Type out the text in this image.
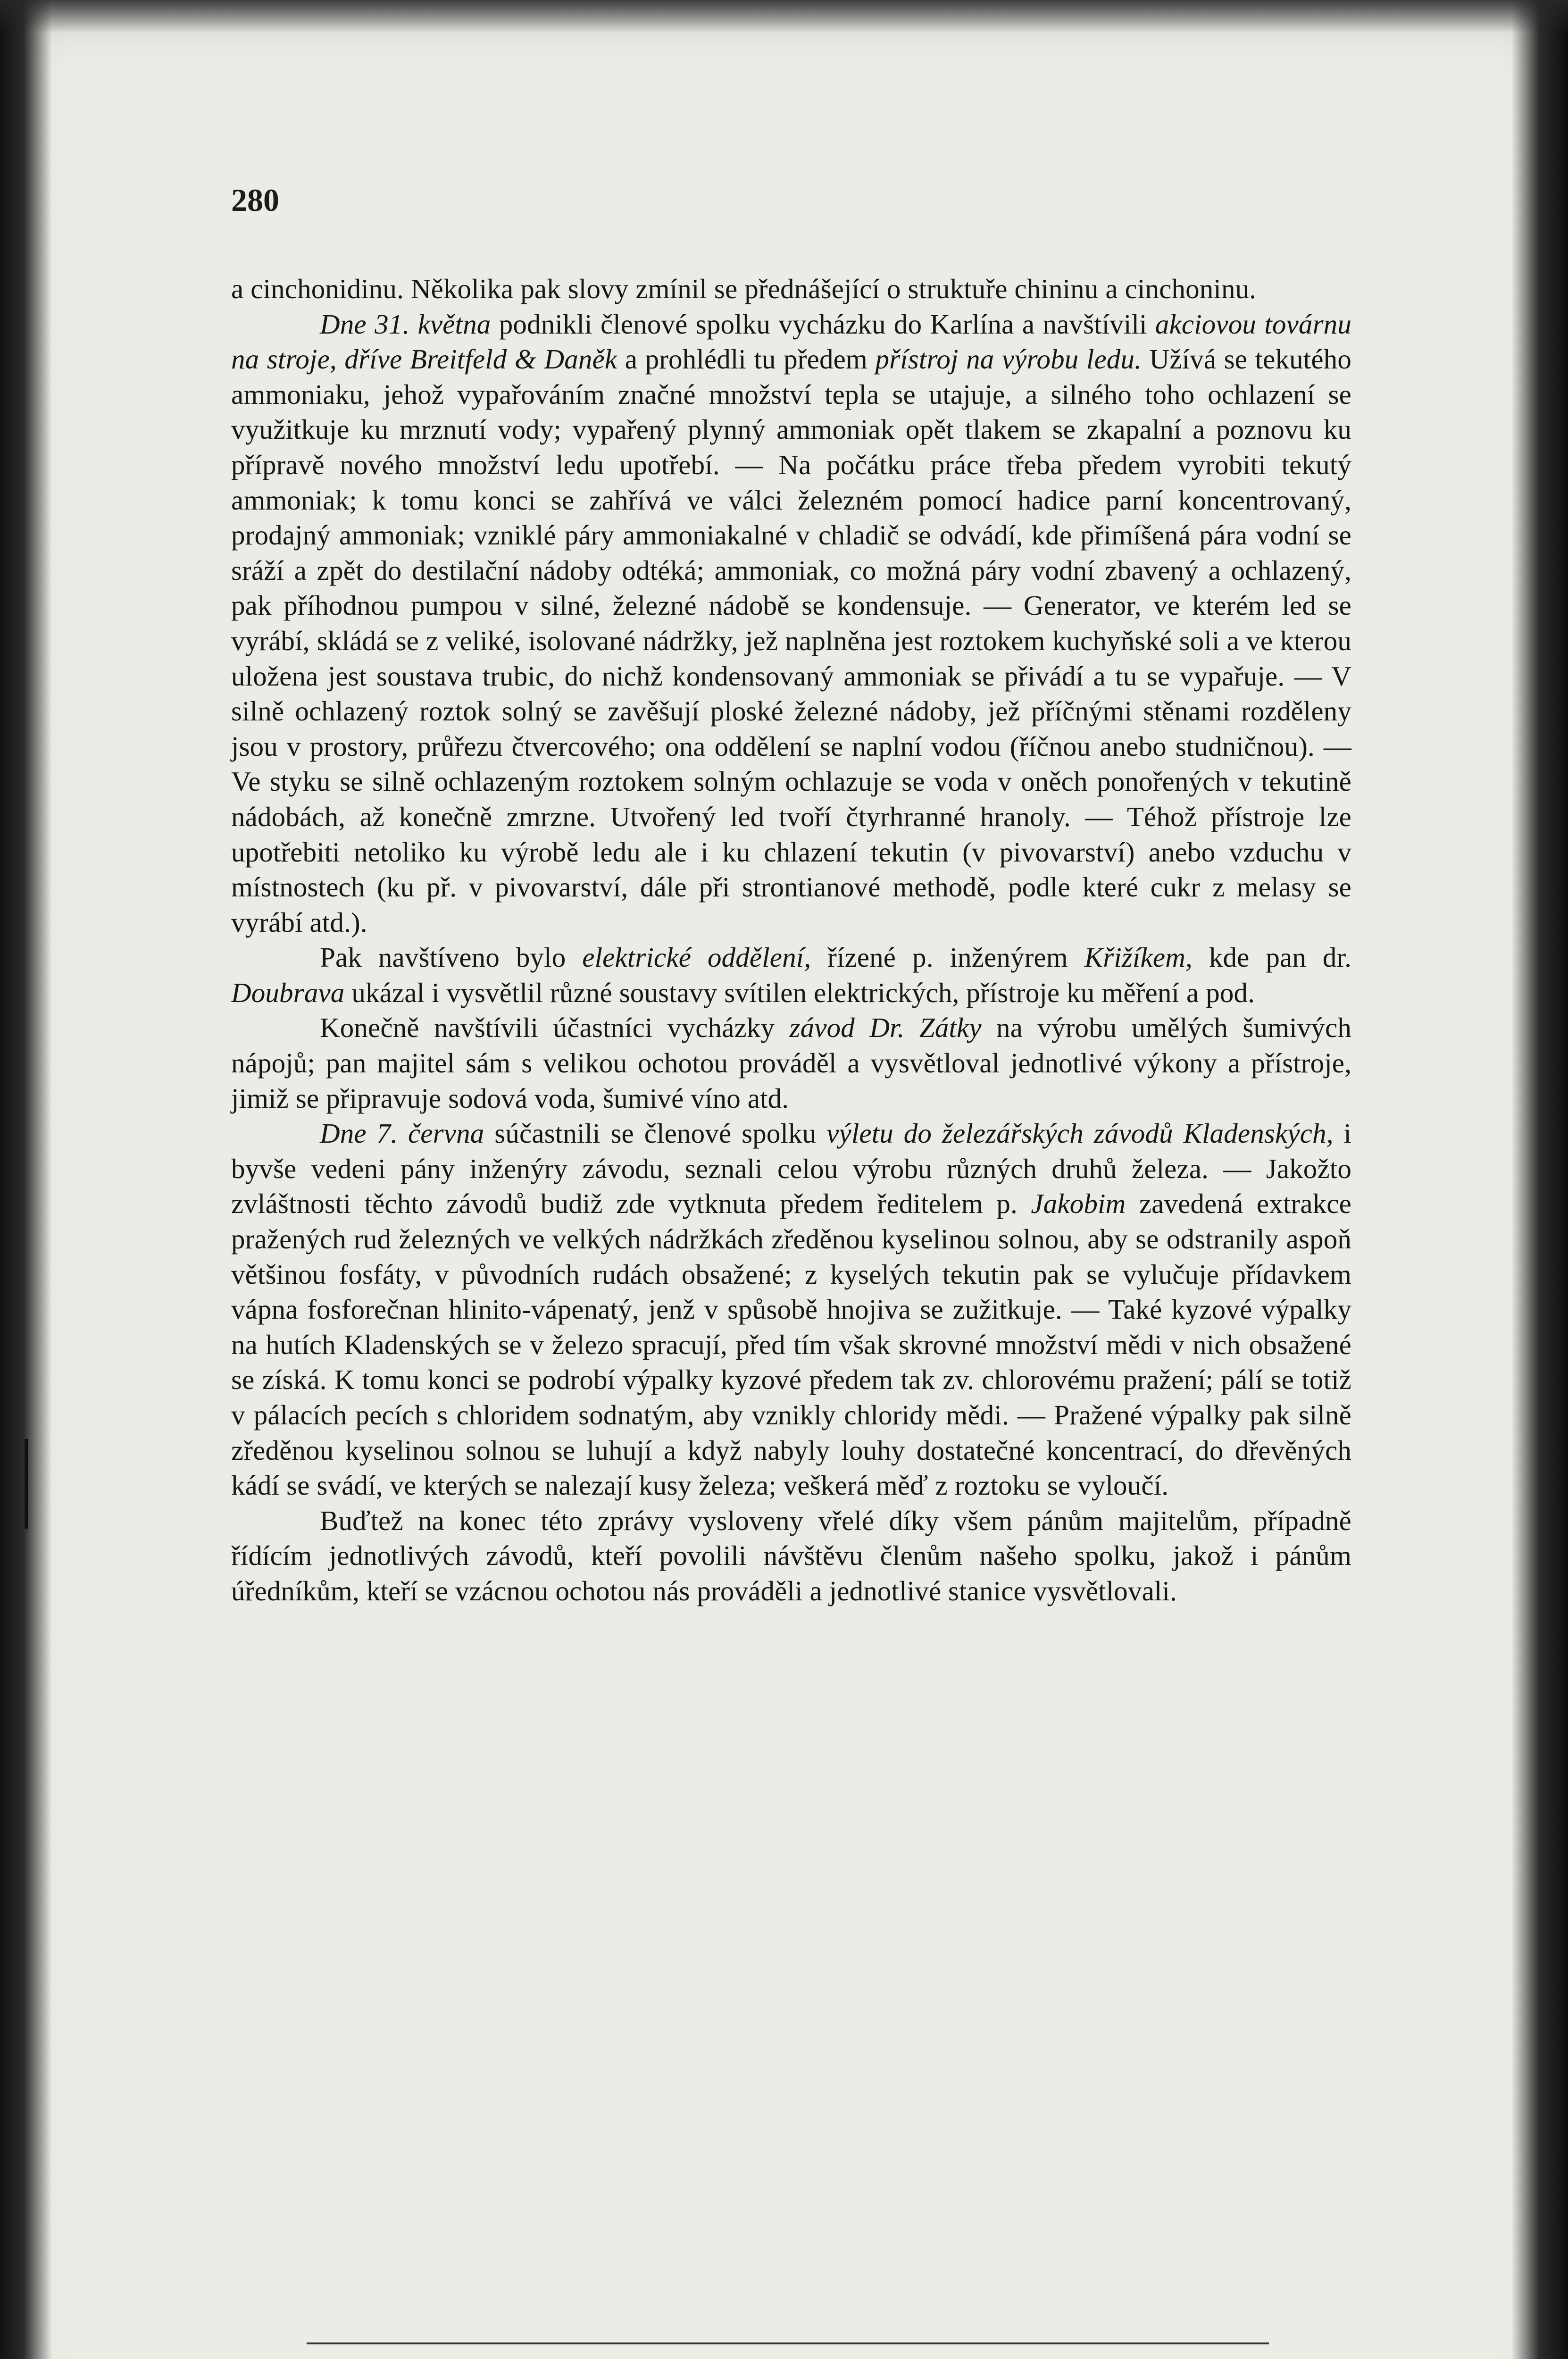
280

a cinchonidinu. Několika pak slovy zmínil se přednášející o struktuře chininu a cinchoninu.

Dne 31. května podnikli členové spolku vycházku do Karlína a navštívili akciovou továrnu na stroje, dříve Breitfeld & Daněk a prohlédli tu předem přístroj na výrobu ledu. Užívá se tekutého ammoniaku, jehož vypařováním značné množství tepla se utajuje, a silného toho ochlazení se využitkuje ku mrznutí vody; vypařený plynný ammoniak opět tlakem se zkapalní a poznovu ku přípravě nového množství ledu upotřebí. — Na počátku práce třeba předem vyrobiti tekutý ammoniak; k tomu konci se zahřívá ve válci železném pomocí hadice parní koncentrovaný, prodajný ammoniak; vzniklé páry ammoniakalné v chladič se odvádí, kde přimíšená pára vodní se sráží a zpět do destilační nádoby odtéká; ammoniak, co možná páry vodní zbavený a ochlazený, pak příhodnou pumpou v silné, železné nádobě se kondensuje. — Generator, ve kterém led se vyrábí, skládá se z veliké, isolované nádržky, jež naplněna jest roztokem kuchyňské soli a ve kterou uložena jest soustava trubic, do nichž kondensovaný ammoniak se přivádí a tu se vypařuje. — V silně ochlazený roztok solný se zavěšují ploské železné nádoby, jež příčnými stěnami rozděleny jsou v prostory, průřezu čtvercového; ona oddělení se naplní vodou (říčnou anebo studničnou). — Ve styku se silně ochlazeným roztokem solným ochlazuje se voda v oněch ponořených v tekutině nádobách, až konečně zmrzne. Utvořený led tvoří čtyrhranné hranoly. — Téhož přístroje lze upotřebiti netoliko ku výrobě ledu ale i ku chlazení tekutin (v pivovarství) anebo vzduchu v místnostech (ku př. v pivovarství, dále při strontianové methodě, podle které cukr z melasy se vyrábí atd.).

Pak navštíveno bylo elektrické oddělení, řízené p. inženýrem Křižíkem, kde pan dr. Doubrava ukázal i vysvětlil různé soustavy svítilen elektrických, přístroje ku měření a pod.

Konečně navštívili účastníci vycházky závod Dr. Zátky na výrobu umělých šumivých nápojů; pan majitel sám s velikou ochotou prováděl a vysvětloval jednotlivé výkony a přístroje, jimiž se připravuje sodová voda, šumivé víno atd.

Dne 7. června súčastnili se členové spolku výletu do železářských závodů Kladenských, i byvše vedeni pány inženýry závodu, seznali celou výrobu různých druhů železa. — Jakožto zvláštnosti těchto závodů budiž zde vytknuta předem ředitelem p. Jakobim zavedená extrakce pražených rud železných ve velkých nádržkách zředěnou kyselinou solnou, aby se odstranily aspoň většinou fosfáty, v původních rudách obsažené; z kyselých tekutin pak se vylučuje přídavkem vápna fosforečnan hlinito-vápenatý, jenž v spůsobě hnojiva se zužitkuje. — Také kyzové výpalky na hutích Kladenských se v železo spracují, před tím však skrovné množství mědi v nich obsažené se získá. K tomu konci se podrobí výpalky kyzové předem tak zv. chlorovému pražení; pálí se totiž v pálacích pecích s chloridem sodnatým, aby vznikly chloridy mědi. — Pražené výpalky pak silně zředěnou kyselinou solnou se luhují a když nabyly louhy dostatečné koncentrací, do dřevěných kádí se svádí, ve kterých se nalezají kusy železa; veškerá měď z roztoku se vyloučí.

Buďtež na konec této zprávy vysloveny vřelé díky všem pánům majitelům, případně řídícím jednotlivých závodů, kteří povolili návštěvu členům našeho spolku, jakož i pánům úředníkům, kteří se vzácnou ochotou nás prováděli a jednotlivé stanice vysvětlovali.
